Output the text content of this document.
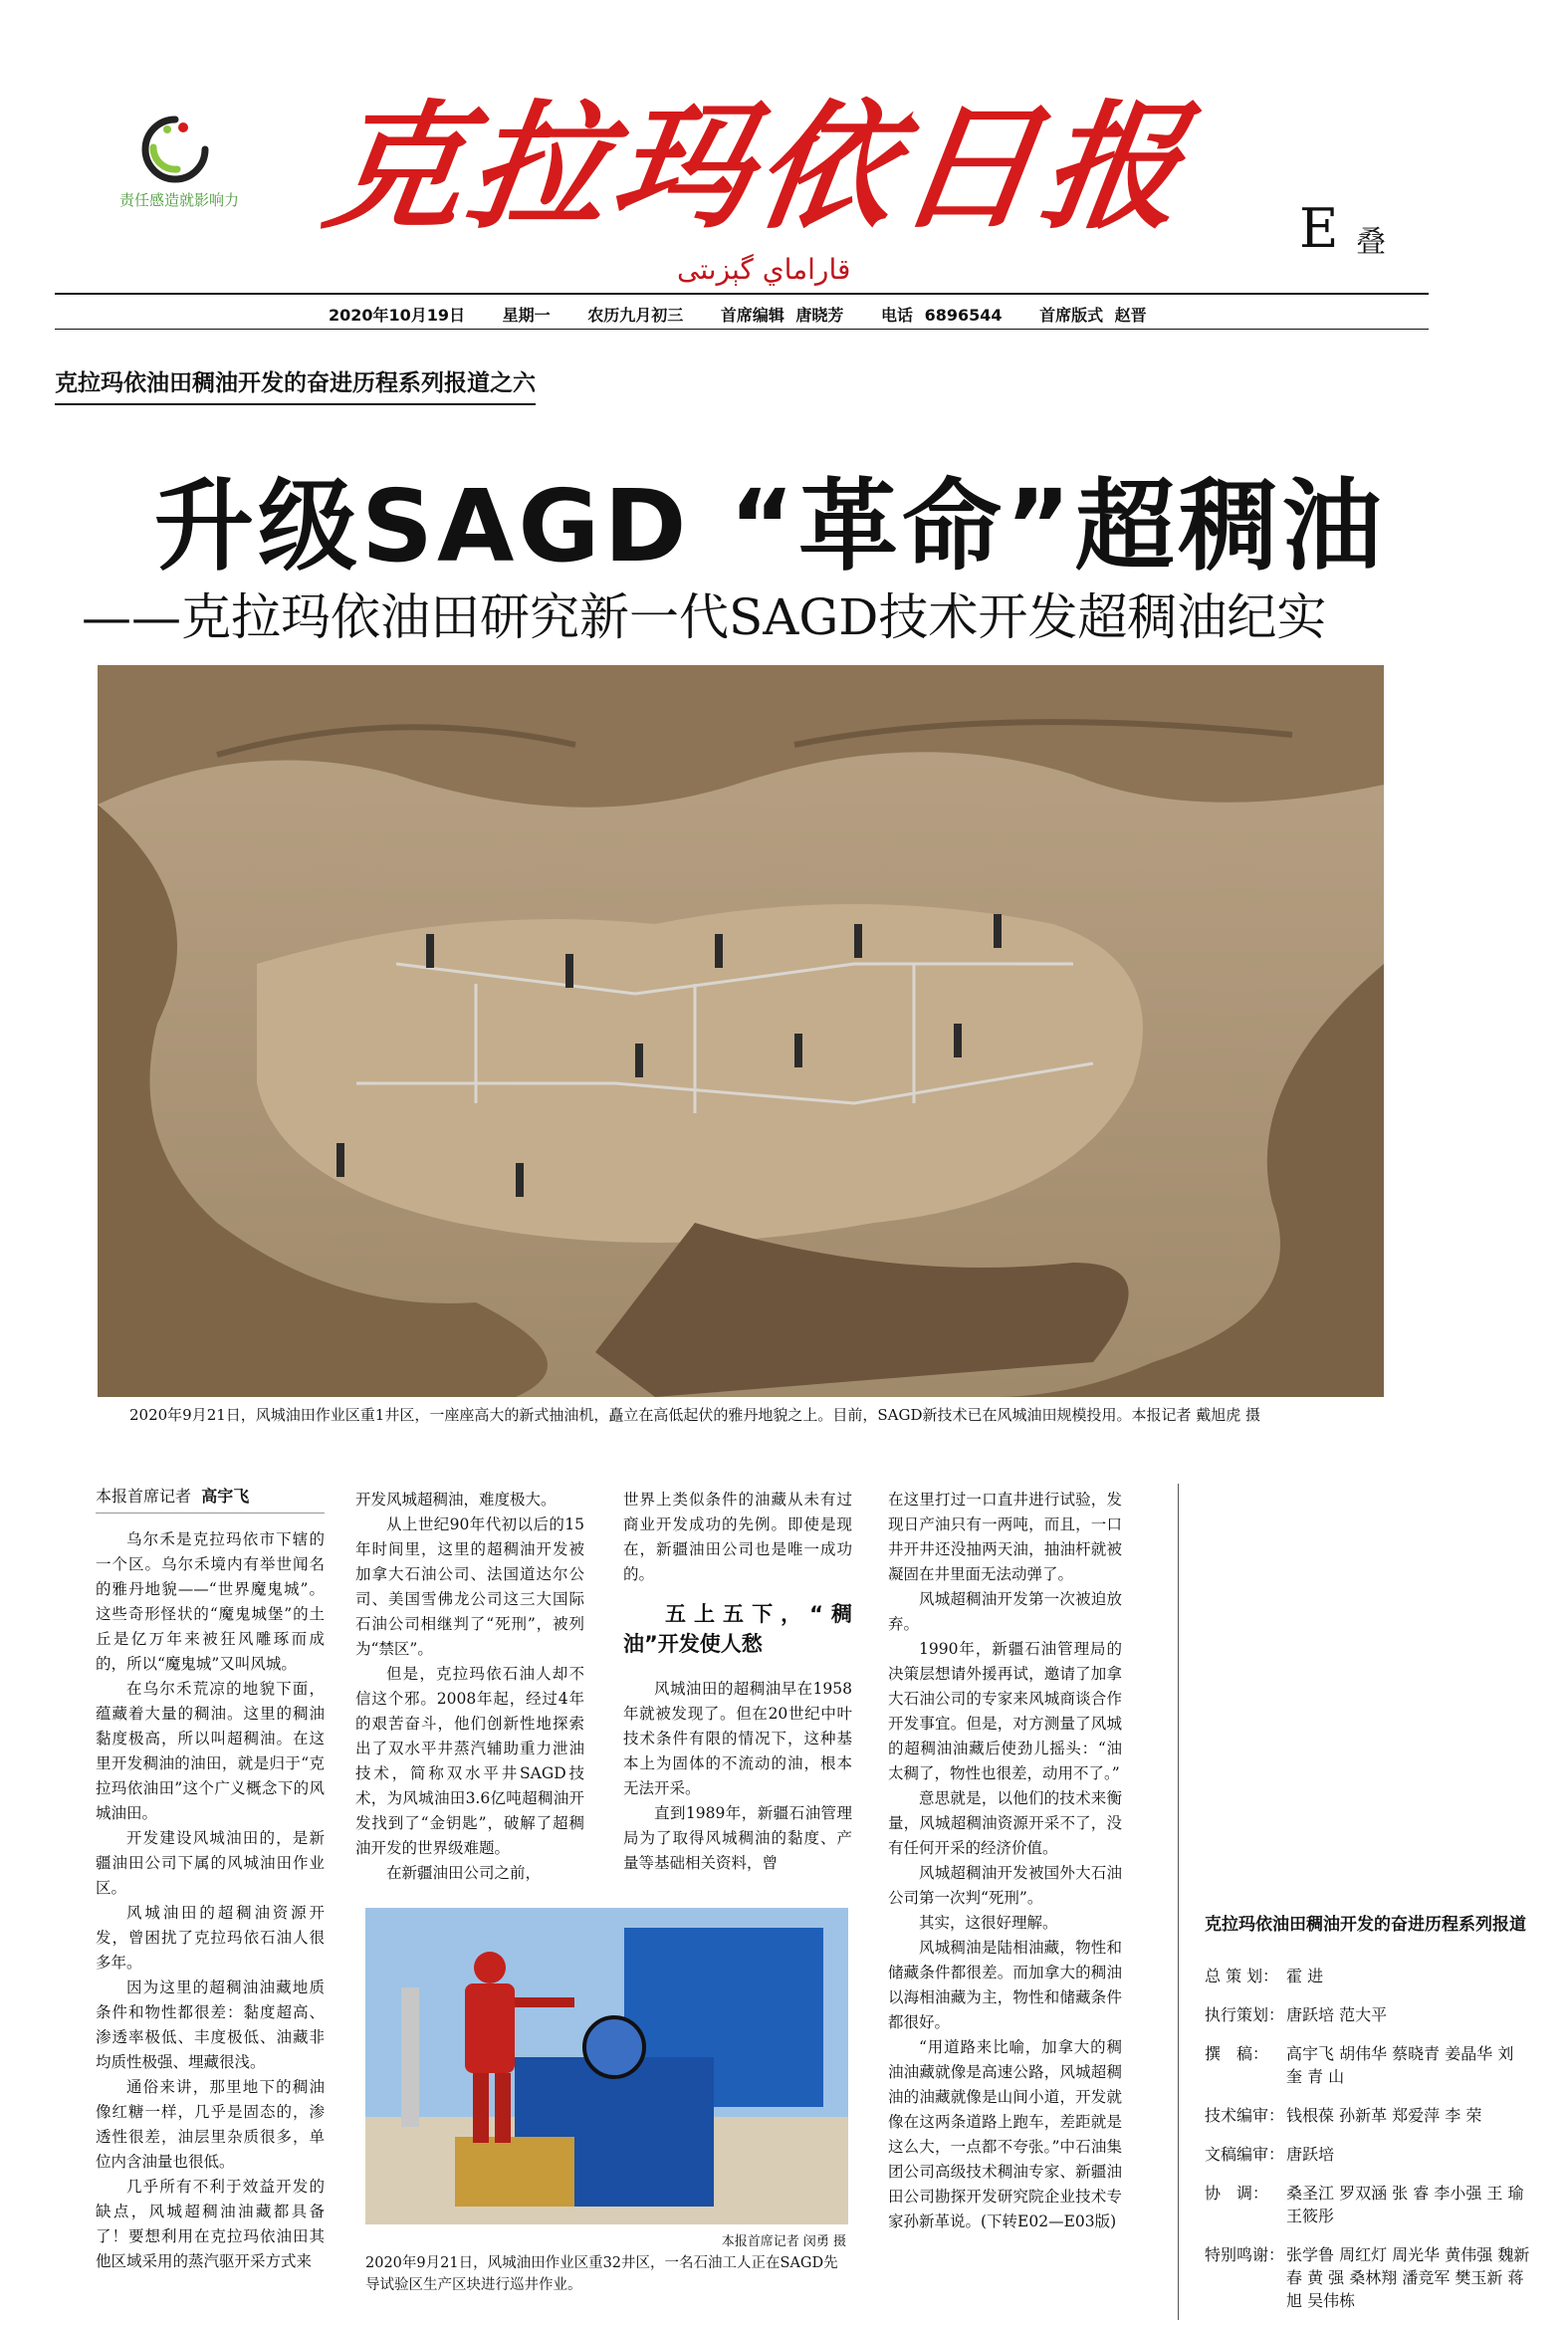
责任感造就影响力 克拉玛依日报
قاراماي گېزىتى
E 叠
2020年10月19日 星期一 农历九月初三 首席编辑 唐晓芳 电话 6896544 首席版式 赵晋
克拉玛依油田稠油开发的奋进历程系列报道之六
升级SAGD “革命”超稠油
——克拉玛依油田研究新一代SAGD技术开发超稠油纪实
2020年9月21日，风城油田作业区重1井区，一座座高大的新式抽油机，矗立在高低起伏的雅丹地貌之上。目前，SAGD新技术已在风城油田规模投用。本报记者 戴旭虎 摄

本报首席记者 高宇飞

乌尔禾是克拉玛依市下辖的一个区。乌尔禾境内有举世闻名的雅丹地貌——“世界魔鬼城”。这些奇形怪状的“魔鬼城堡”的土丘是亿万年来被狂风雕琢而成的，所以“魔鬼城”又叫风城。

在乌尔禾荒凉的地貌下面，蕴藏着大量的稠油。这里的稠油黏度极高，所以叫超稠油。在这里开发稠油的油田，就是归于“克拉玛依油田”这个广义概念下的风城油田。

开发建设风城油田的，是新疆油田公司下属的风城油田作业区。

风城油田的超稠油资源开发，曾困扰了克拉玛依石油人很多年。

因为这里的超稠油油藏地质条件和物性都很差：黏度超高、渗透率极低、丰度极低、油藏非均质性极强、埋藏很浅。

通俗来讲，那里地下的稠油像红糖一样，几乎是固态的，渗透性很差，油层里杂质很多，单位内含油量也很低。

几乎所有不利于效益开发的缺点，风城超稠油油藏都具备了！要想利用在克拉玛依油田其他区域采用的蒸汽驱开采方式来

开发风城超稠油，难度极大。

从上世纪90年代初以后的15年时间里，这里的超稠油开发被加拿大石油公司、法国道达尔公司、美国雪佛龙公司这三大国际石油公司相继判了“死刑”，被列为“禁区”。

但是，克拉玛依石油人却不信这个邪。2008年起，经过4年的艰苦奋斗，他们创新性地探索出了双水平井蒸汽辅助重力泄油技术，简称双水平井SAGD技术，为风城油田3.6亿吨超稠油开发找到了“金钥匙”，破解了超稠油开发的世界级难题。

在新疆油田公司之前，

世界上类似条件的油藏从未有过商业开发成功的先例。即使是现在，新疆油田公司也是唯一成功的。

五上五下，“稠油”开发使人愁

风城油田的超稠油早在1958年就被发现了。但在20世纪中叶技术条件有限的情况下，这种基本上为固体的不流动的油，根本无法开采。

直到1989年，新疆石油管理局为了取得风城稠油的黏度、产量等基础相关资料，曾

在这里打过一口直井进行试验，发现日产油只有一两吨，而且，一口井开井还没抽两天油，抽油杆就被凝固在井里面无法动弹了。

风城超稠油开发第一次被迫放弃。

1990年，新疆石油管理局的决策层想请外援再试，邀请了加拿大石油公司的专家来风城商谈合作开发事宜。但是，对方测量了风城的超稠油油藏后使劲儿摇头：“油太稠了，物性也很差，动用不了。”

意思就是，以他们的技术来衡量，风城超稠油资源开采不了，没有任何开采的经济价值。

风城超稠油开发被国外大石油公司第一次判“死刑”。

其实，这很好理解。

风城稠油是陆相油藏，物性和储藏条件都很差。而加拿大的稠油以海相油藏为主，物性和储藏条件都很好。

“用道路来比喻，加拿大的稠油油藏就像是高速公路，风城超稠油的油藏就像是山间小道，开发就像在这两条道路上跑车，差距就是这么大，一点都不夸张。”中石油集团公司高级技术稠油专家、新疆油田公司勘探开发研究院企业技术专家孙新革说。(下转E02—E03版)

本报首席记者 闵勇 摄
2020年9月21日，风城油田作业区重32井区，一名石油工人正在SAGD先导试验区生产区块进行巡井作业。
克拉玛依油田稠油开发的奋进历程系列报道
总 策 划： 霍 进
执行策划： 唐跃培 范大平
撰　稿：	高宇飞 胡伟华 蔡晓青 姜晶华 刘 奎 青 山
技术编审： 钱根葆 孙新革 郑爱萍 李 荣
文稿编审： 唐跃培
协　调：	桑圣江 罗双涵 张 睿 李小强 王 瑜 王筱彤
特别鸣谢： 张学鲁 周红灯 周光华 黄伟强 魏新春 黄 强 桑林翔 潘竞军 樊玉新 蒋 旭 吴伟栋
